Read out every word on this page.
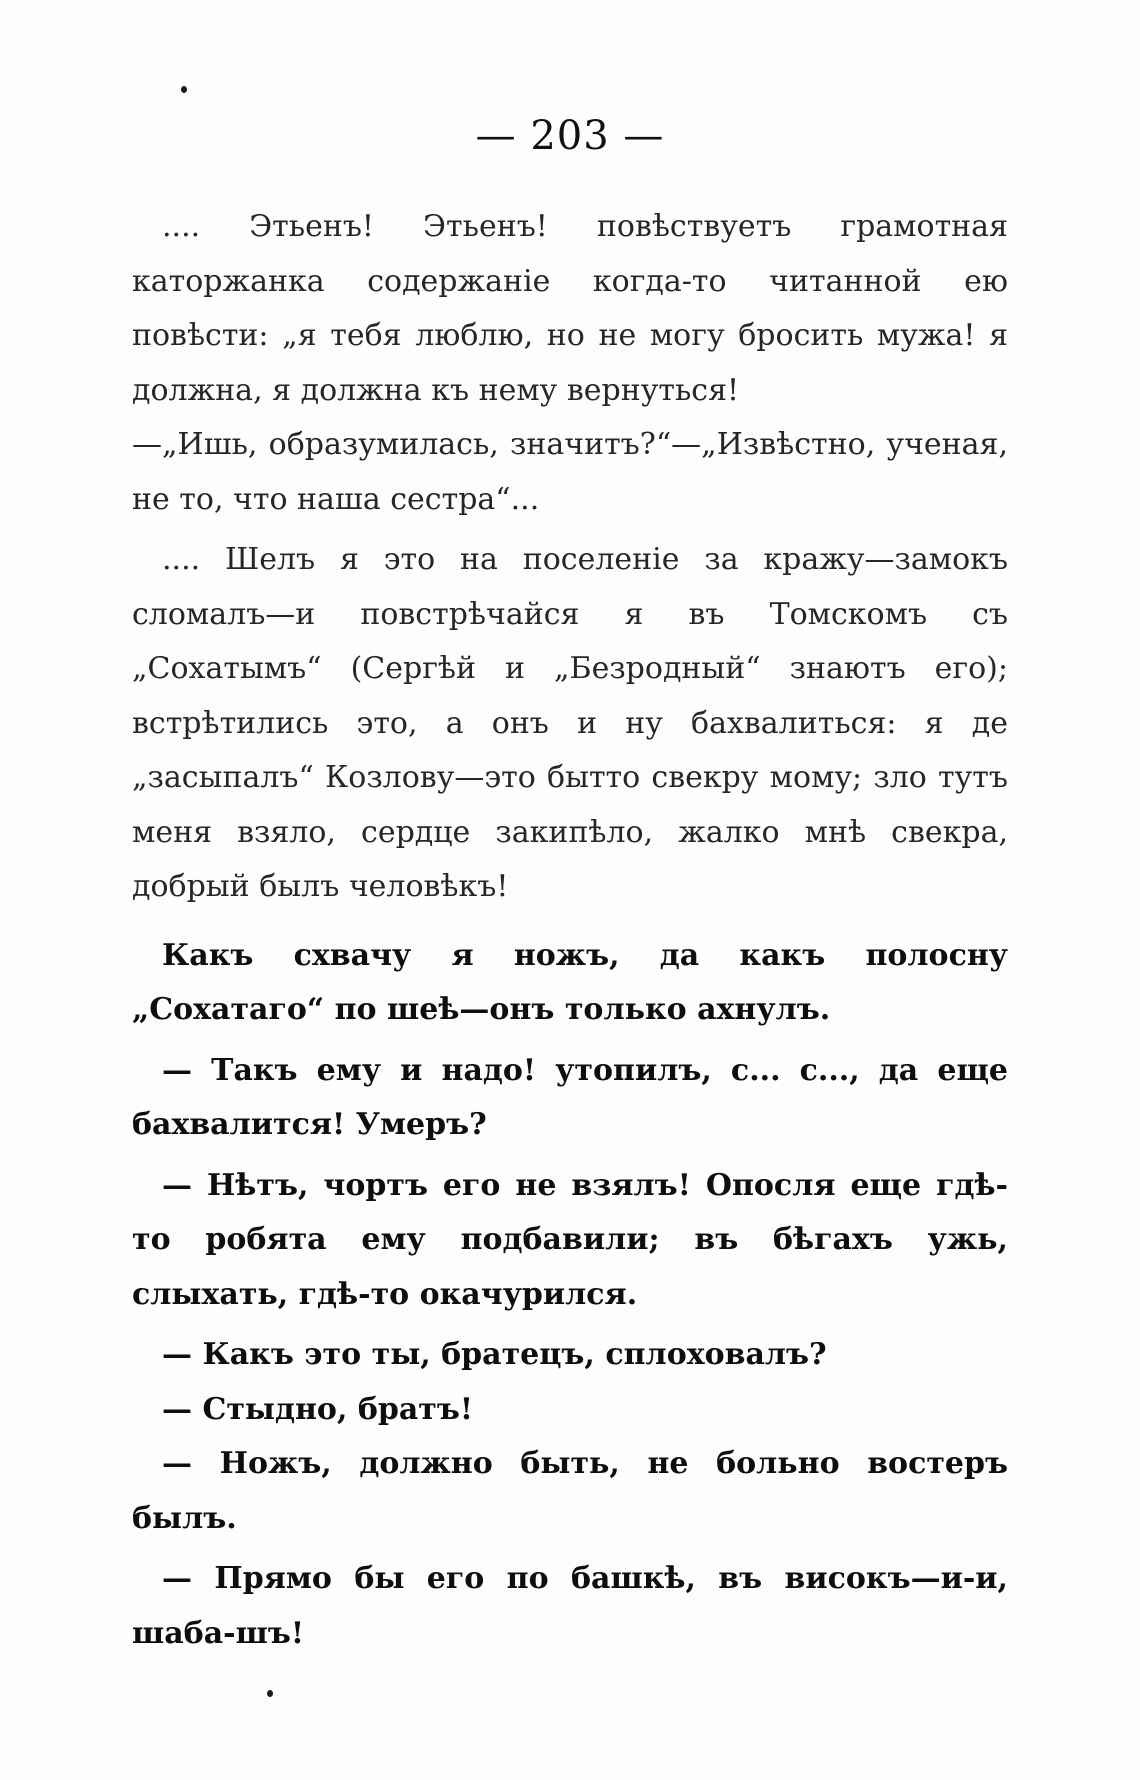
— 203 —

.... Этьенъ! Этьенъ! повѣствуетъ грамотная каторжанка содержаніе когда-то читанной ею повѣсти: „я тебя люблю, но не могу бросить мужа! я должна, я должна къ нему вернуться!

—„Ишь, образумилась, значитъ?“—„Извѣстно, ученая, не то, что наша сестра“...

.... Шелъ я это на поселеніе за кражу—замокъ сломалъ—и повстрѣчайся я въ Томскомъ съ „Сохатымъ“ (Сергѣй и „Безродный“ знаютъ его); встрѣтились это, а онъ и ну бахвалиться: я де „засыпалъ“ Козлову—это бытто свекру мому; зло тутъ меня взяло, сердце закипѣло, жалко мнѣ свекра, добрый былъ человѣкъ!

Какъ схвачу я ножъ, да какъ полосну „Сохатаго“ по шеѣ—онъ только ахнулъ.

— Такъ ему и надо! утопилъ, с... с..., да еще бахвалится! Умеръ?

— Нѣтъ, чортъ его не взялъ! Опосля еще гдѣ-то робята ему подбавили; въ бѣгахъ ужь, слыхать, гдѣ-то окачурился.

— Какъ это ты, братецъ, сплоховалъ?

— Стыдно, братъ!

— Ножъ, должно быть, не больно востеръ былъ.

— Прямо бы его по башкѣ, въ високъ—и-и, шаба-шъ!
